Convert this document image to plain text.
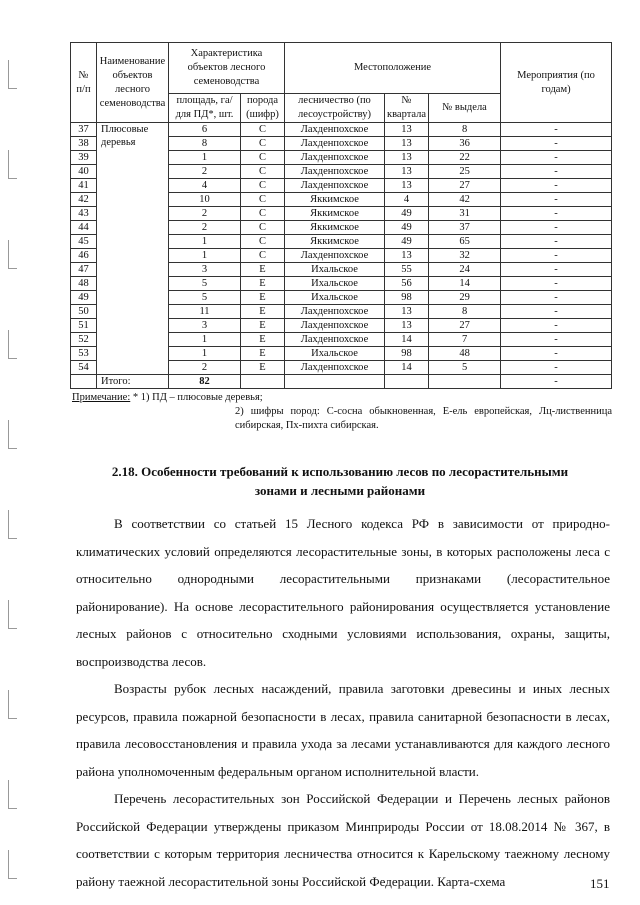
№ п/п	Наименование объектов лесного семеноводства	Характеристика объектов лесного семеноводства		Местоположение			Мероприятия (по годам)
		площадь, га/ для ПД*, шт.	порода (шифр)	лесничество (по лесоустройству)	№ квартала	№ выдела	
37	Плюсовые деревья	6	С	Лахденпохское	13	8	-
38		8	С	Лахденпохское	13	36	-
39		1	С	Лахденпохское	13	22	-
40		2	С	Лахденпохское	13	25	-
41		4	С	Лахденпохское	13	27	-
42		10	С	Яккимское	4	42	-
43		2	С	Яккимское	49	31	-
44		2	С	Яккимское	49	37	-
45		1	С	Яккимское	49	65	-
46		1	С	Лахденпохское	13	32	-
47		3	Е	Ихальское	55	24	-
48		5	Е	Ихальское	56	14	-
49		5	Е	Ихальское	98	29	-
50		11	Е	Лахденпохское	13	8	-
51		3	Е	Лахденпохское	13	27	-
52		1	Е	Лахденпохское	14	7	-
53		1	Е	Ихальское	98	48	-
54		2	Е	Лахденпохское	14	5	-
	Итого:	82					-
Примечание: * 1) ПД – плюсовые деревья;
2) шифры пород: С-сосна обыкновенная, Е-ель европейская, Лц-лиственница сибирская, Пх-пихта сибирская.
2.18. Особенности требований к использованию лесов по лесорастительными зонами и лесными районами

В соответствии со статьей 15 Лесного кодекса РФ в зависимости от природно-климатических условий определяются лесорастительные зоны, в которых расположены леса с относительно однородными лесорастительными признаками (лесорастительное районирование). На основе лесорастительного районирования осуществляется установление лесных районов с относительно сходными условиями использования, охраны, защиты, воспроизводства лесов.

Возрасты рубок лесных насаждений, правила заготовки древесины и иных лесных ресурсов, правила пожарной безопасности в лесах, правила санитарной безопасности в лесах, правила лесовосстановления и правила ухода за лесами устанавливаются для каждого лесного района уполномоченным федеральным органом исполнительной власти.

Перечень лесорастительных зон Российской Федерации и Перечень лесных районов Российской Федерации утверждены приказом Минприроды России от 18.08.2014 № 367, в соответствии с которым территория лесничества относится к Карельскому таежному лесному району таежной лесорастительной зоны Российской Федерации. Карта-схема	151
